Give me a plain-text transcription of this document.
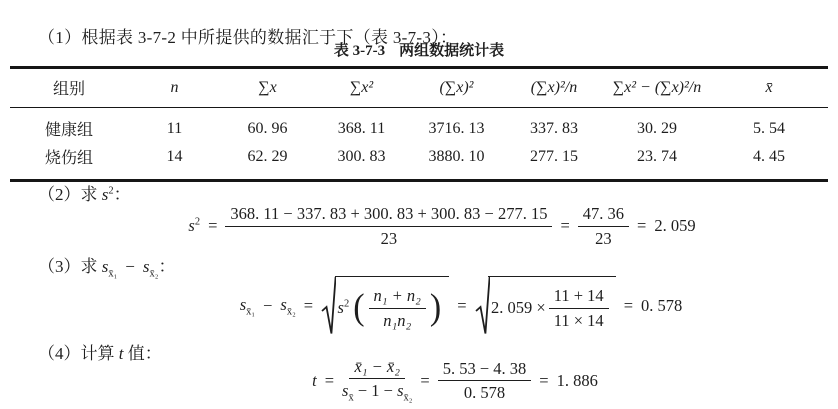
（1）根据表 3-7-2 中所提供的数据汇于下（表 3-7-3）：

表 3-7-3 两组数据统计表
组别	n	∑x	∑x²	(∑x)²	(∑x)²/n	∑x² − (∑x)²/n	x̄
健康组	11	60. 96	368. 11	3716. 13	337. 83	30. 29	5. 54
烧伤组	14	62. 29	300. 83	3880. 10	277. 15	23. 74	4. 45
（2）求 $s^2$：
$s^2 = \frac{368. 11 - 337. 83 + 300. 83 + 300. 83 - 277. 15}{23} = \frac{47. 36}{23} = 2$. 059
（3）求 $s_{x̄_1} - s_{x̄_2}$：
$s_{x̄_1} - s_{x̄_2} = s^2$ ( $\frac{\text{n₁ + n₂}}{\text{n₁n₂}}$ ) = 2. $059 \times \frac{11 + 14}{11 \times 14} = 0$. 578
（4）计算 t 值：
$t = \frac{\text{x̄₁ − x̄₂}}{s_{x̄} - 1 - s_{x̄_2}} = \frac{5. 53 - 4. 38}{0. 578} = 1$. 886
